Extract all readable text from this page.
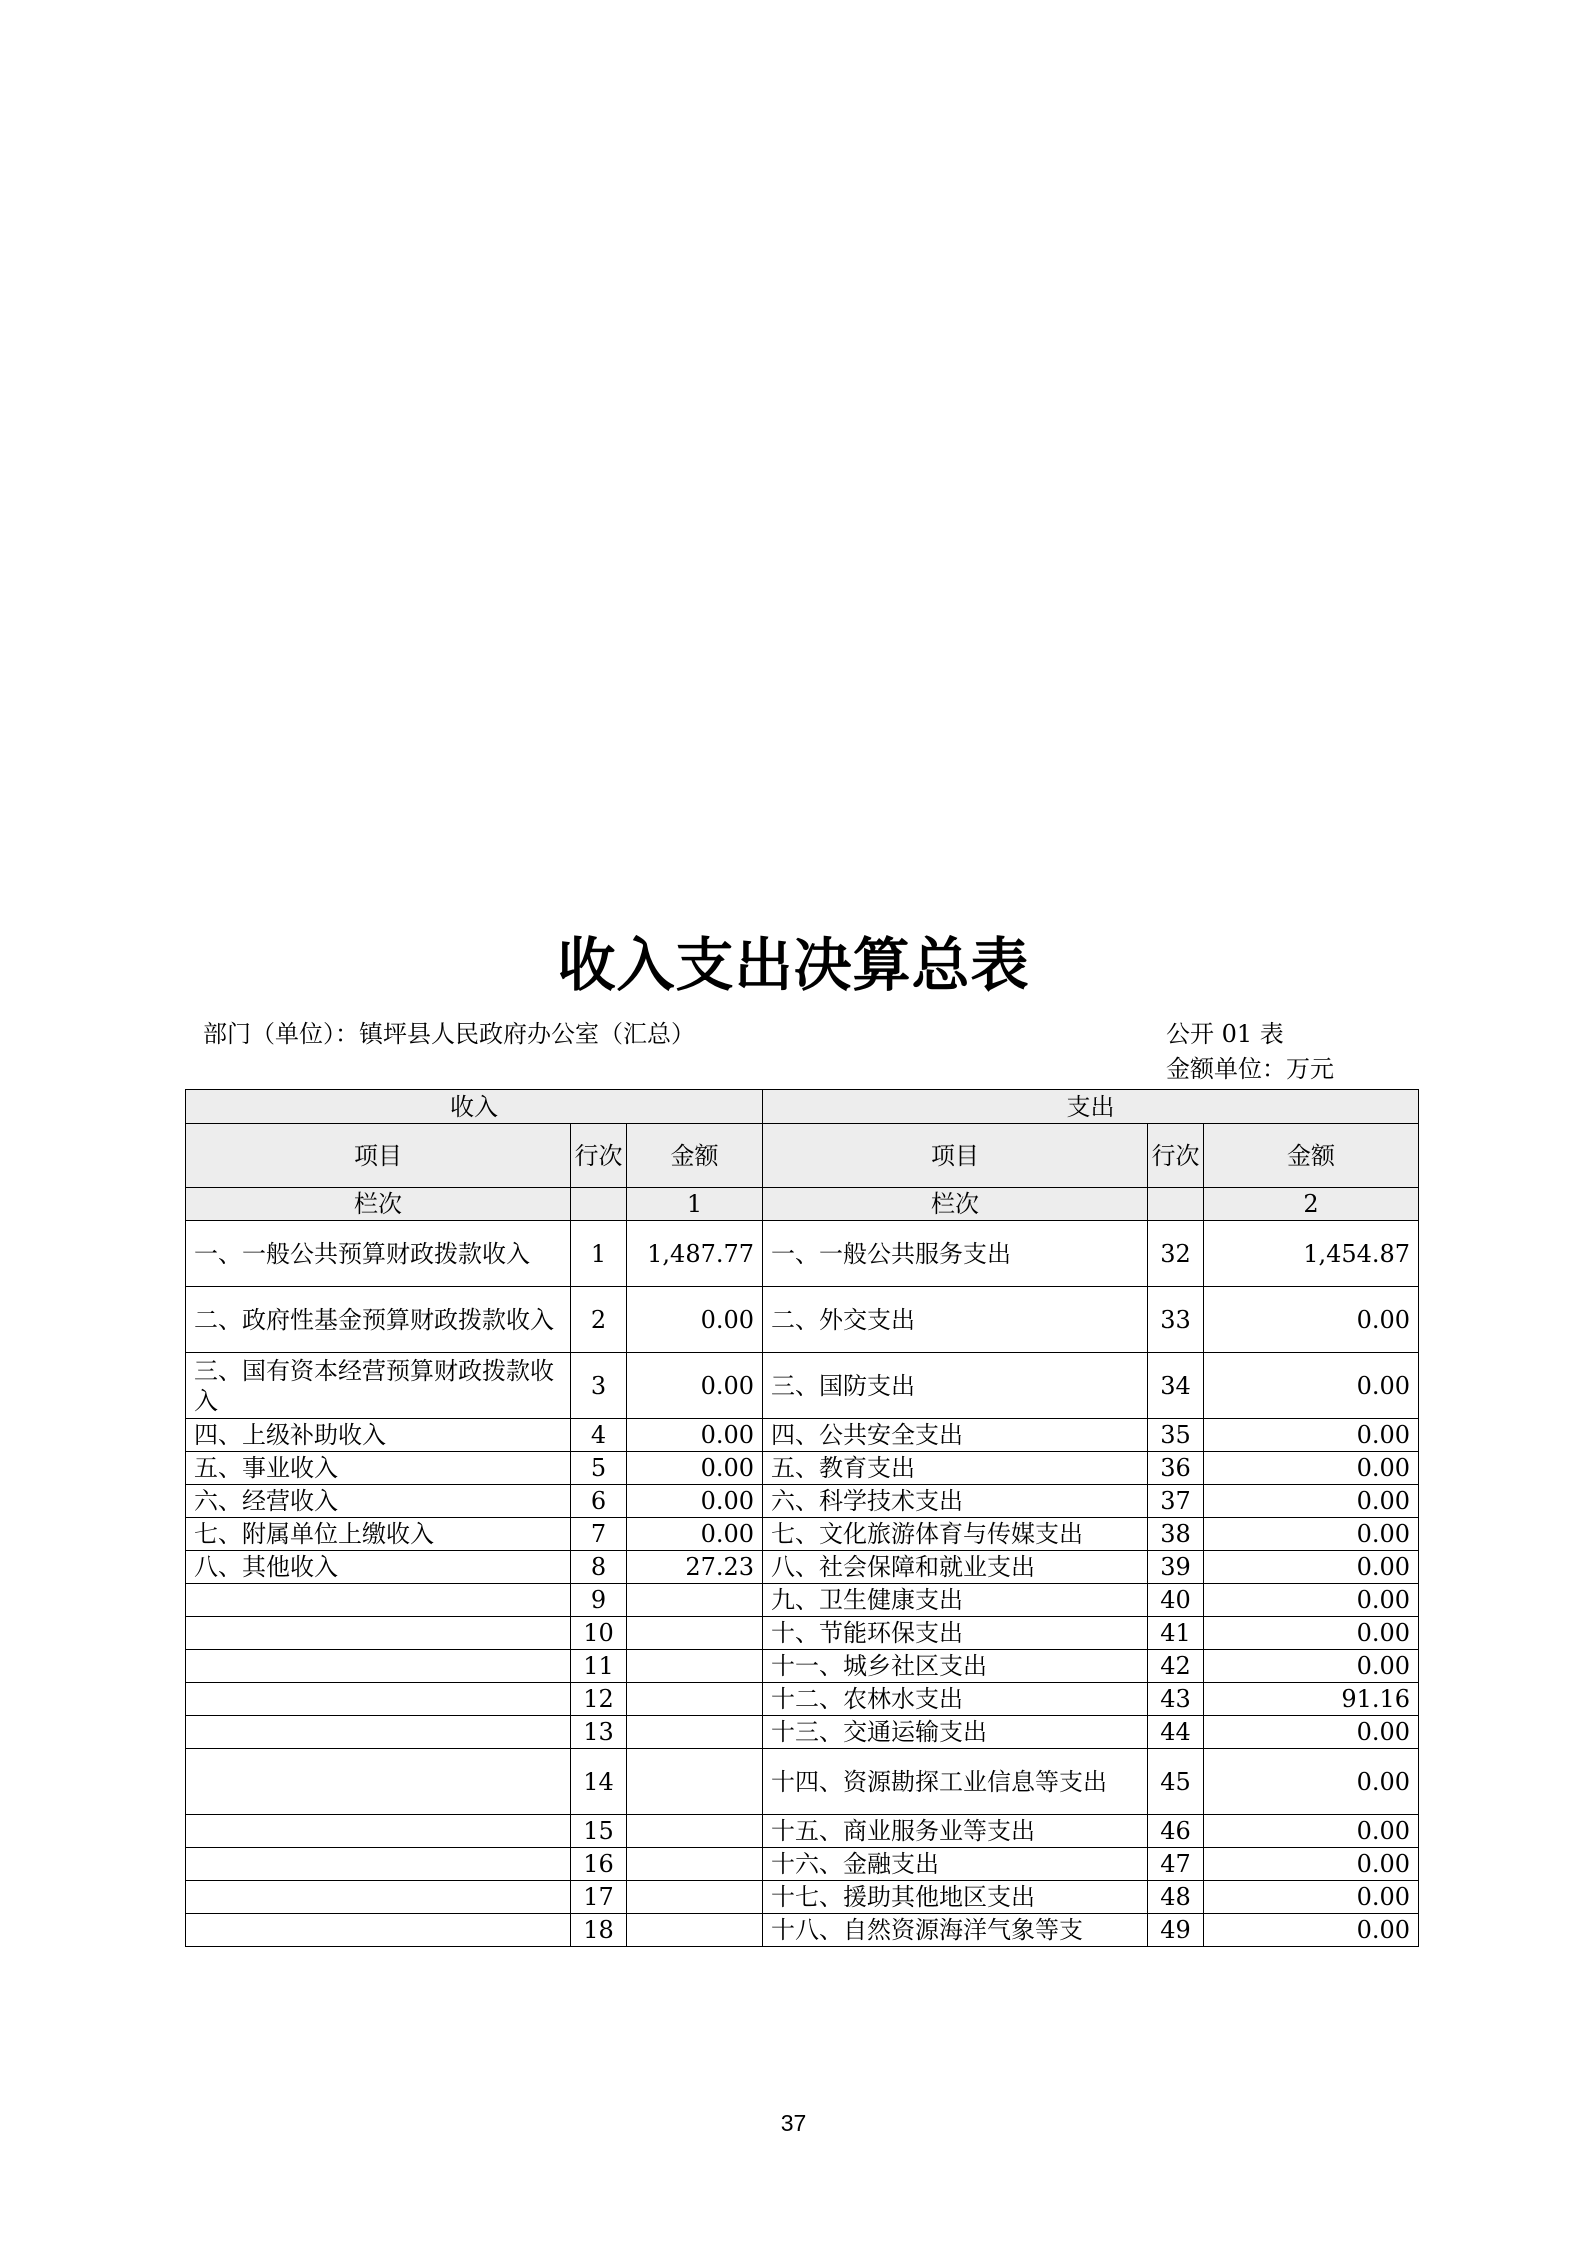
收入支出决算总表
部门（单位）：镇坪县人民政府办公室（汇总）	公开 01 表
金额单位：万元
收入			支出		
项目	行次	金额	项目	行次	金额
栏次		1	栏次		2
一、一般公共预算财政拨款收入	1	1,487.77	一、一般公共服务支出	32	1,454.87
二、政府性基金预算财政拨款收入	2	0.00	二、外交支出	33	0.00
三、国有资本经营预算财政拨款收入	3	0.00	三、国防支出	34	0.00
四、上级补助收入	4	0.00	四、公共安全支出	35	0.00
五、事业收入	5	0.00	五、教育支出	36	0.00
六、经营收入	6	0.00	六、科学技术支出	37	0.00
七、附属单位上缴收入	7	0.00	七、文化旅游体育与传媒支出	38	0.00
八、其他收入	8	27.23	八、社会保障和就业支出	39	0.00
	9		九、卫生健康支出	40	0.00
	10		十、节能环保支出	41	0.00
	11		十一、城乡社区支出	42	0.00
	12		十二、农林水支出	43	91.16
	13		十三、交通运输支出	44	0.00
	14		十四、资源勘探工业信息等支出	45	0.00
	15		十五、商业服务业等支出	46	0.00
	16		十六、金融支出	47	0.00
	17		十七、援助其他地区支出	48	0.00
	18		十八、自然资源海洋气象等支	49	0.00
37
